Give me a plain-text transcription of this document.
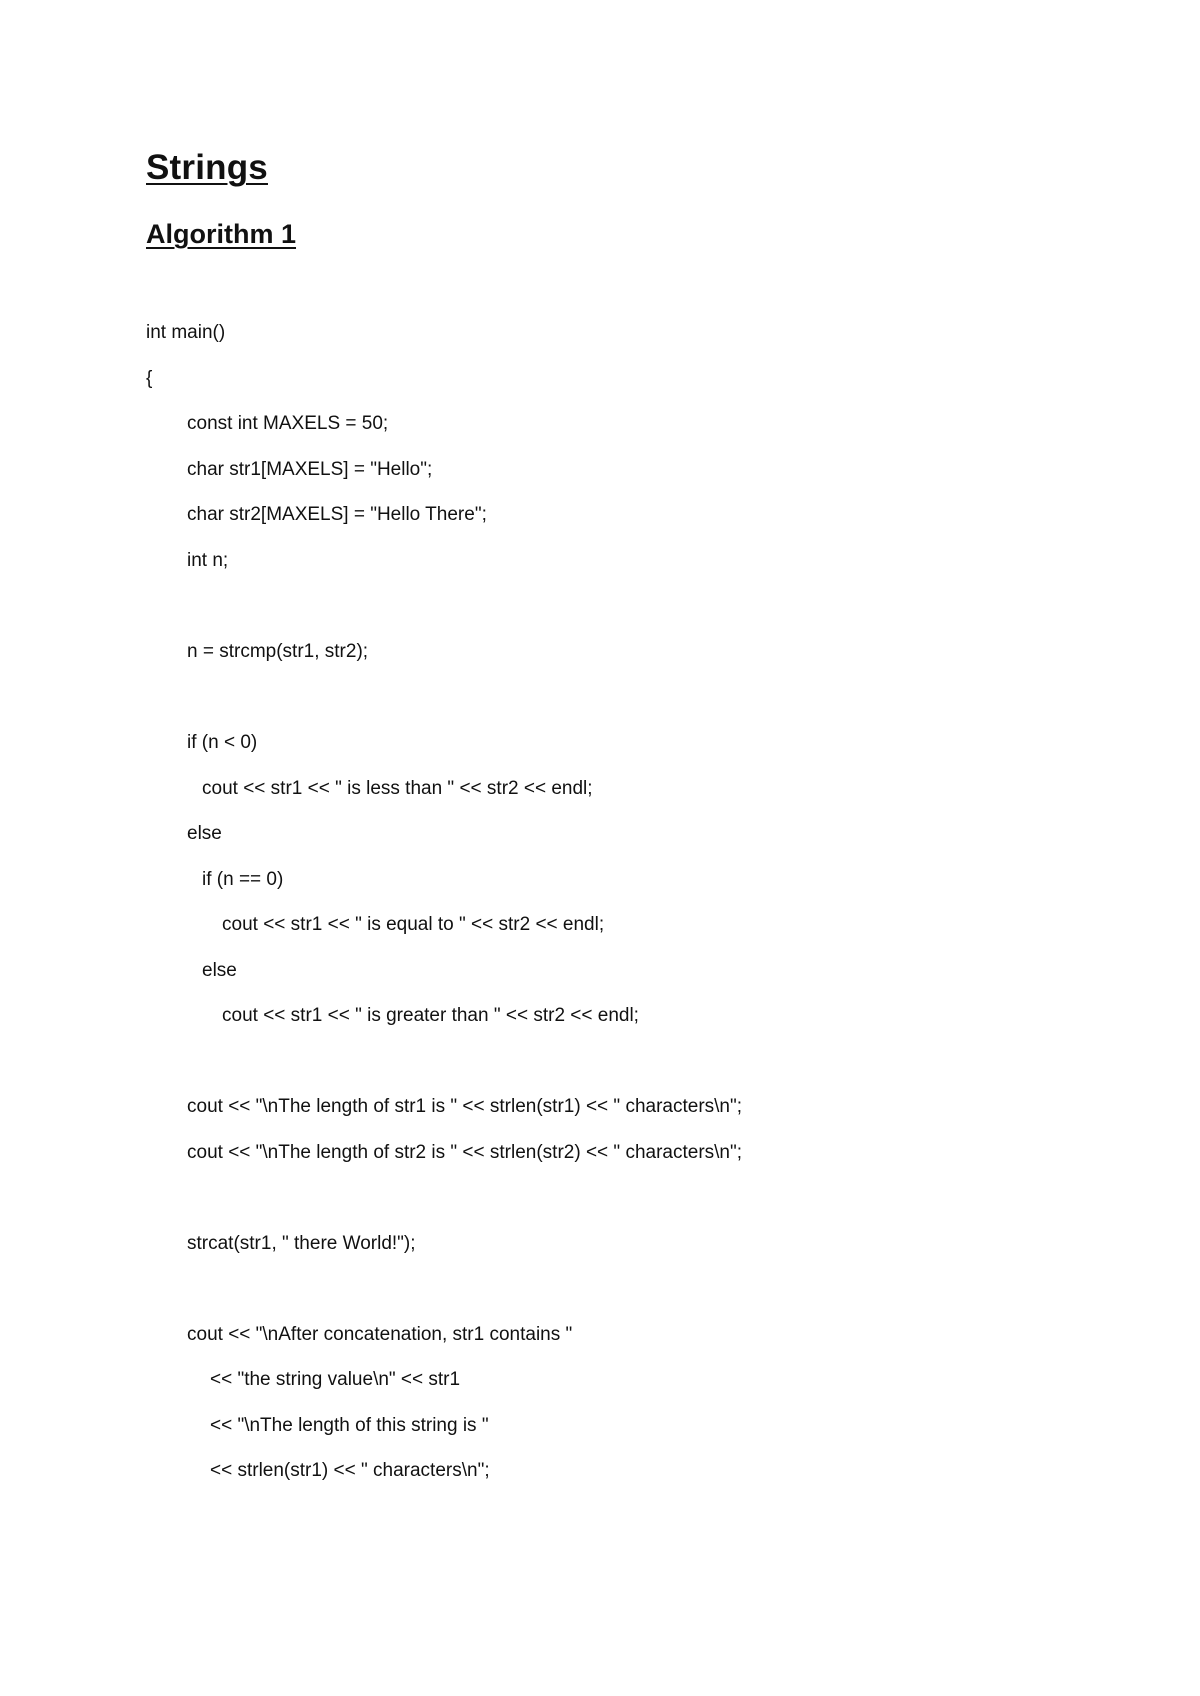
Strings
Algorithm 1
int main()
{
const int MAXELS = 50;
char str1[MAXELS] = "Hello";
char str2[MAXELS] = "Hello There";
int n;
n = strcmp(str1, str2);
if (n < 0)
cout << str1 << " is less than " << str2 << endl;
else
if (n == 0)
cout << str1 << " is equal to " << str2 << endl;
else
cout << str1 << " is greater than " << str2 << endl;
cout << "\nThe length of str1 is " << strlen(str1) << " characters\n";
cout << "\nThe length of str2 is " << strlen(str2) << " characters\n";
strcat(str1, " there World!");
cout << "\nAfter concatenation, str1 contains "
<< "the string value\n" << str1
<< "\nThe length of this string is "
<< strlen(str1) << " characters\n";
